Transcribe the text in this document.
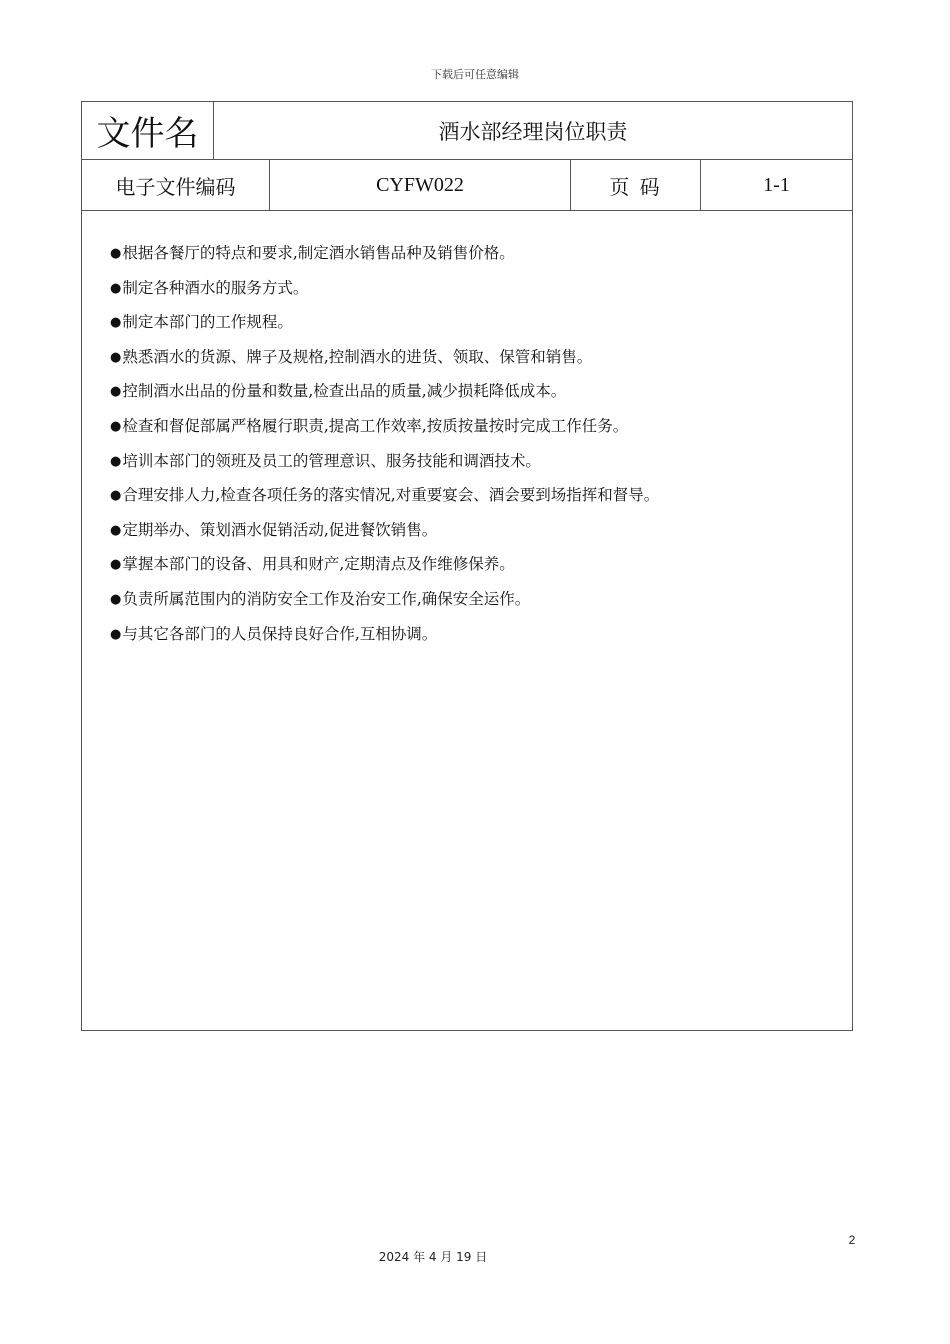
下载后可任意编辑
文件名	酒水部经理岗位职责
电子文件编码	CYFW022	页 码	1-1
●根据各餐厅的特点和要求,制定酒水销售品种及销售价格。
●制定各种酒水的服务方式。
●制定本部门的工作规程。
●熟悉酒水的货源、牌子及规格,控制酒水的进货、领取、保管和销售。
●控制酒水出品的份量和数量,检查出品的质量,减少损耗降低成本。
●检查和督促部属严格履行职责,提高工作效率,按质按量按时完成工作任务。
●培训本部门的领班及员工的管理意识、服务技能和调酒技术。
●合理安排人力,检查各项任务的落实情况,对重要宴会、酒会要到场指挥和督导。
●定期举办、策划酒水促销活动,促进餐饮销售。
●掌握本部门的设备、用具和财产,定期清点及作维修保养。
●负责所属范围内的消防安全工作及治安工作,确保安全运作。
●与其它各部门的人员保持良好合作,互相协调。
2
2024 年 4 月 19 日
